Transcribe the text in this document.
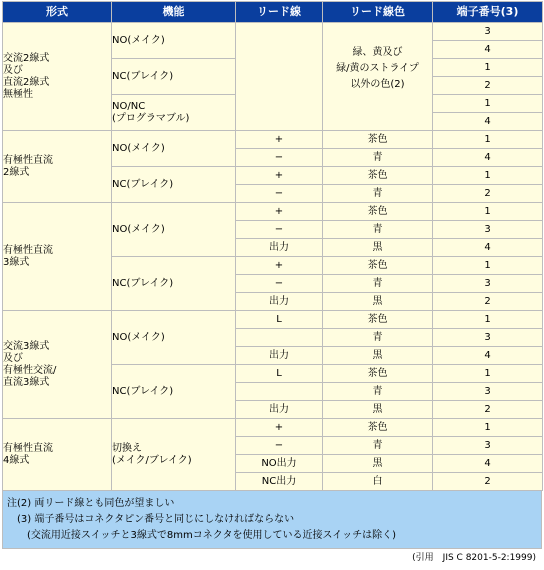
形式	機能	リード線	リード線色	端子番号(3)
交流2線式
及び
直流2線式
無極性	NO(メイク)		緑、黄及び
緑/黄のストライプ
以外の色(2)	3
				4
	NC(ブレイク)			1
				2
	NO/NC
(プログラマブル)			1
				4
有極性直流
2線式	NO(メイク)	+	茶色	1
		−	青	4
	NC(ブレイク)	+	茶色	1
		−	青	2
有極性直流
3線式	NO(メイク)	+	茶色	1
		−	青	3
		出力	黒	4
	NC(ブレイク)	+	茶色	1
		−	青	3
		出力	黒	2
交流3線式
及び
有極性交流/
直流3線式	NO(メイク)	L	茶色	1
			青	3
		出力	黒	4
	NC(ブレイク)	L	茶色	1
			青	3
		出力	黒	2
有極性直流
4線式	切換え
(メイク/ブレイク)	+	茶色	1
		−	青	3
		NO出力	黒	4
		NC出力	白	2
注(2) 両リード線とも同色が望ましい
　(3) 端子番号はコネクタピン番号と同じにしなければならない
　　(交流用近接スイッチと3線式で8mmコネクタを使用している近接スイッチは除く)
(引用　JIS C 8201-5-2:1999)
